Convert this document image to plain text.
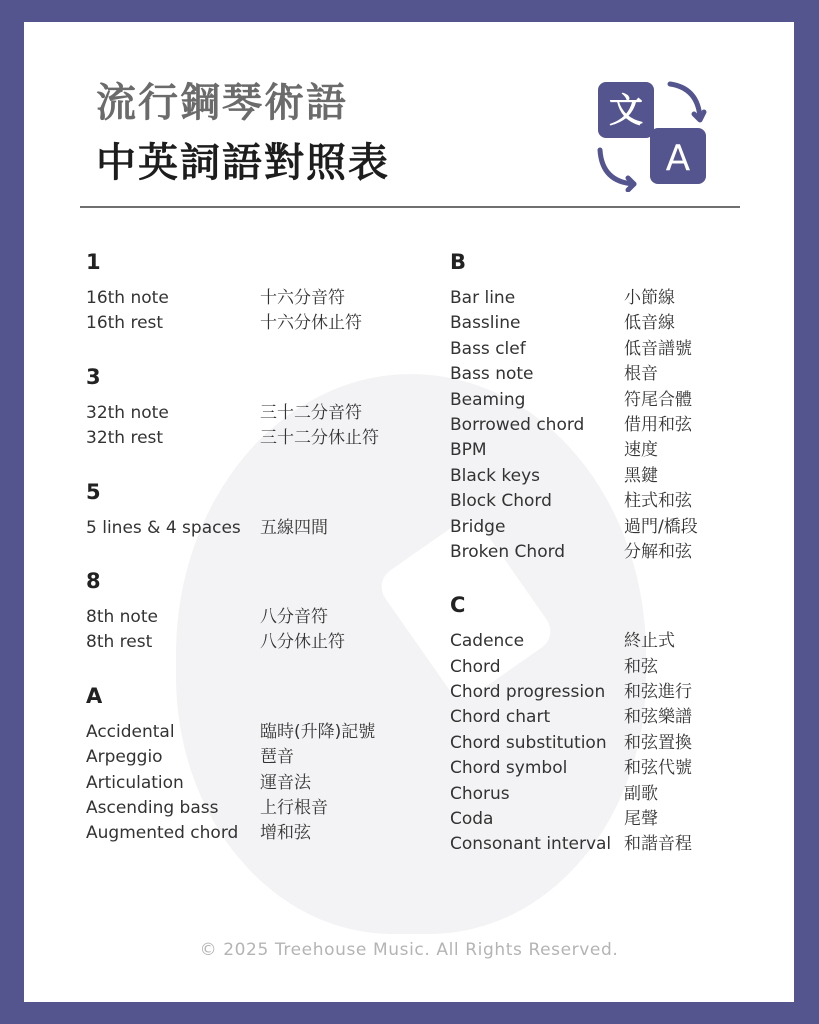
流行鋼琴術語
中英詞語對照表
文
A
1
16th note	十六分音符
16th rest	十六分休止符
3
32th note	三十二分音符
32th rest	三十二分休止符
5
5 lines & 4 spaces	五線四間
8
8th note	八分音符
8th rest	八分休止符
A
Accidental	臨時(升降)記號
Arpeggio	琶音
Articulation	運音法
Ascending bass	上行根音
Augmented chord	增和弦
B
Bar line	小節線
Bassline	低音線
Bass clef	低音譜號
Bass note	根音
Beaming	符尾合體
Borrowed chord	借用和弦
BPM	速度
Black keys	黑鍵
Block Chord	柱式和弦
Bridge	過門/橋段
Broken Chord	分解和弦
C
Cadence	終止式
Chord	和弦
Chord progression	和弦進行
Chord chart	和弦樂譜
Chord substitution	和弦置換
Chord symbol	和弦代號
Chorus	副歌
Coda	尾聲
Consonant interval 和諧音程
© 2025 Treehouse Music. All Rights Reserved.
